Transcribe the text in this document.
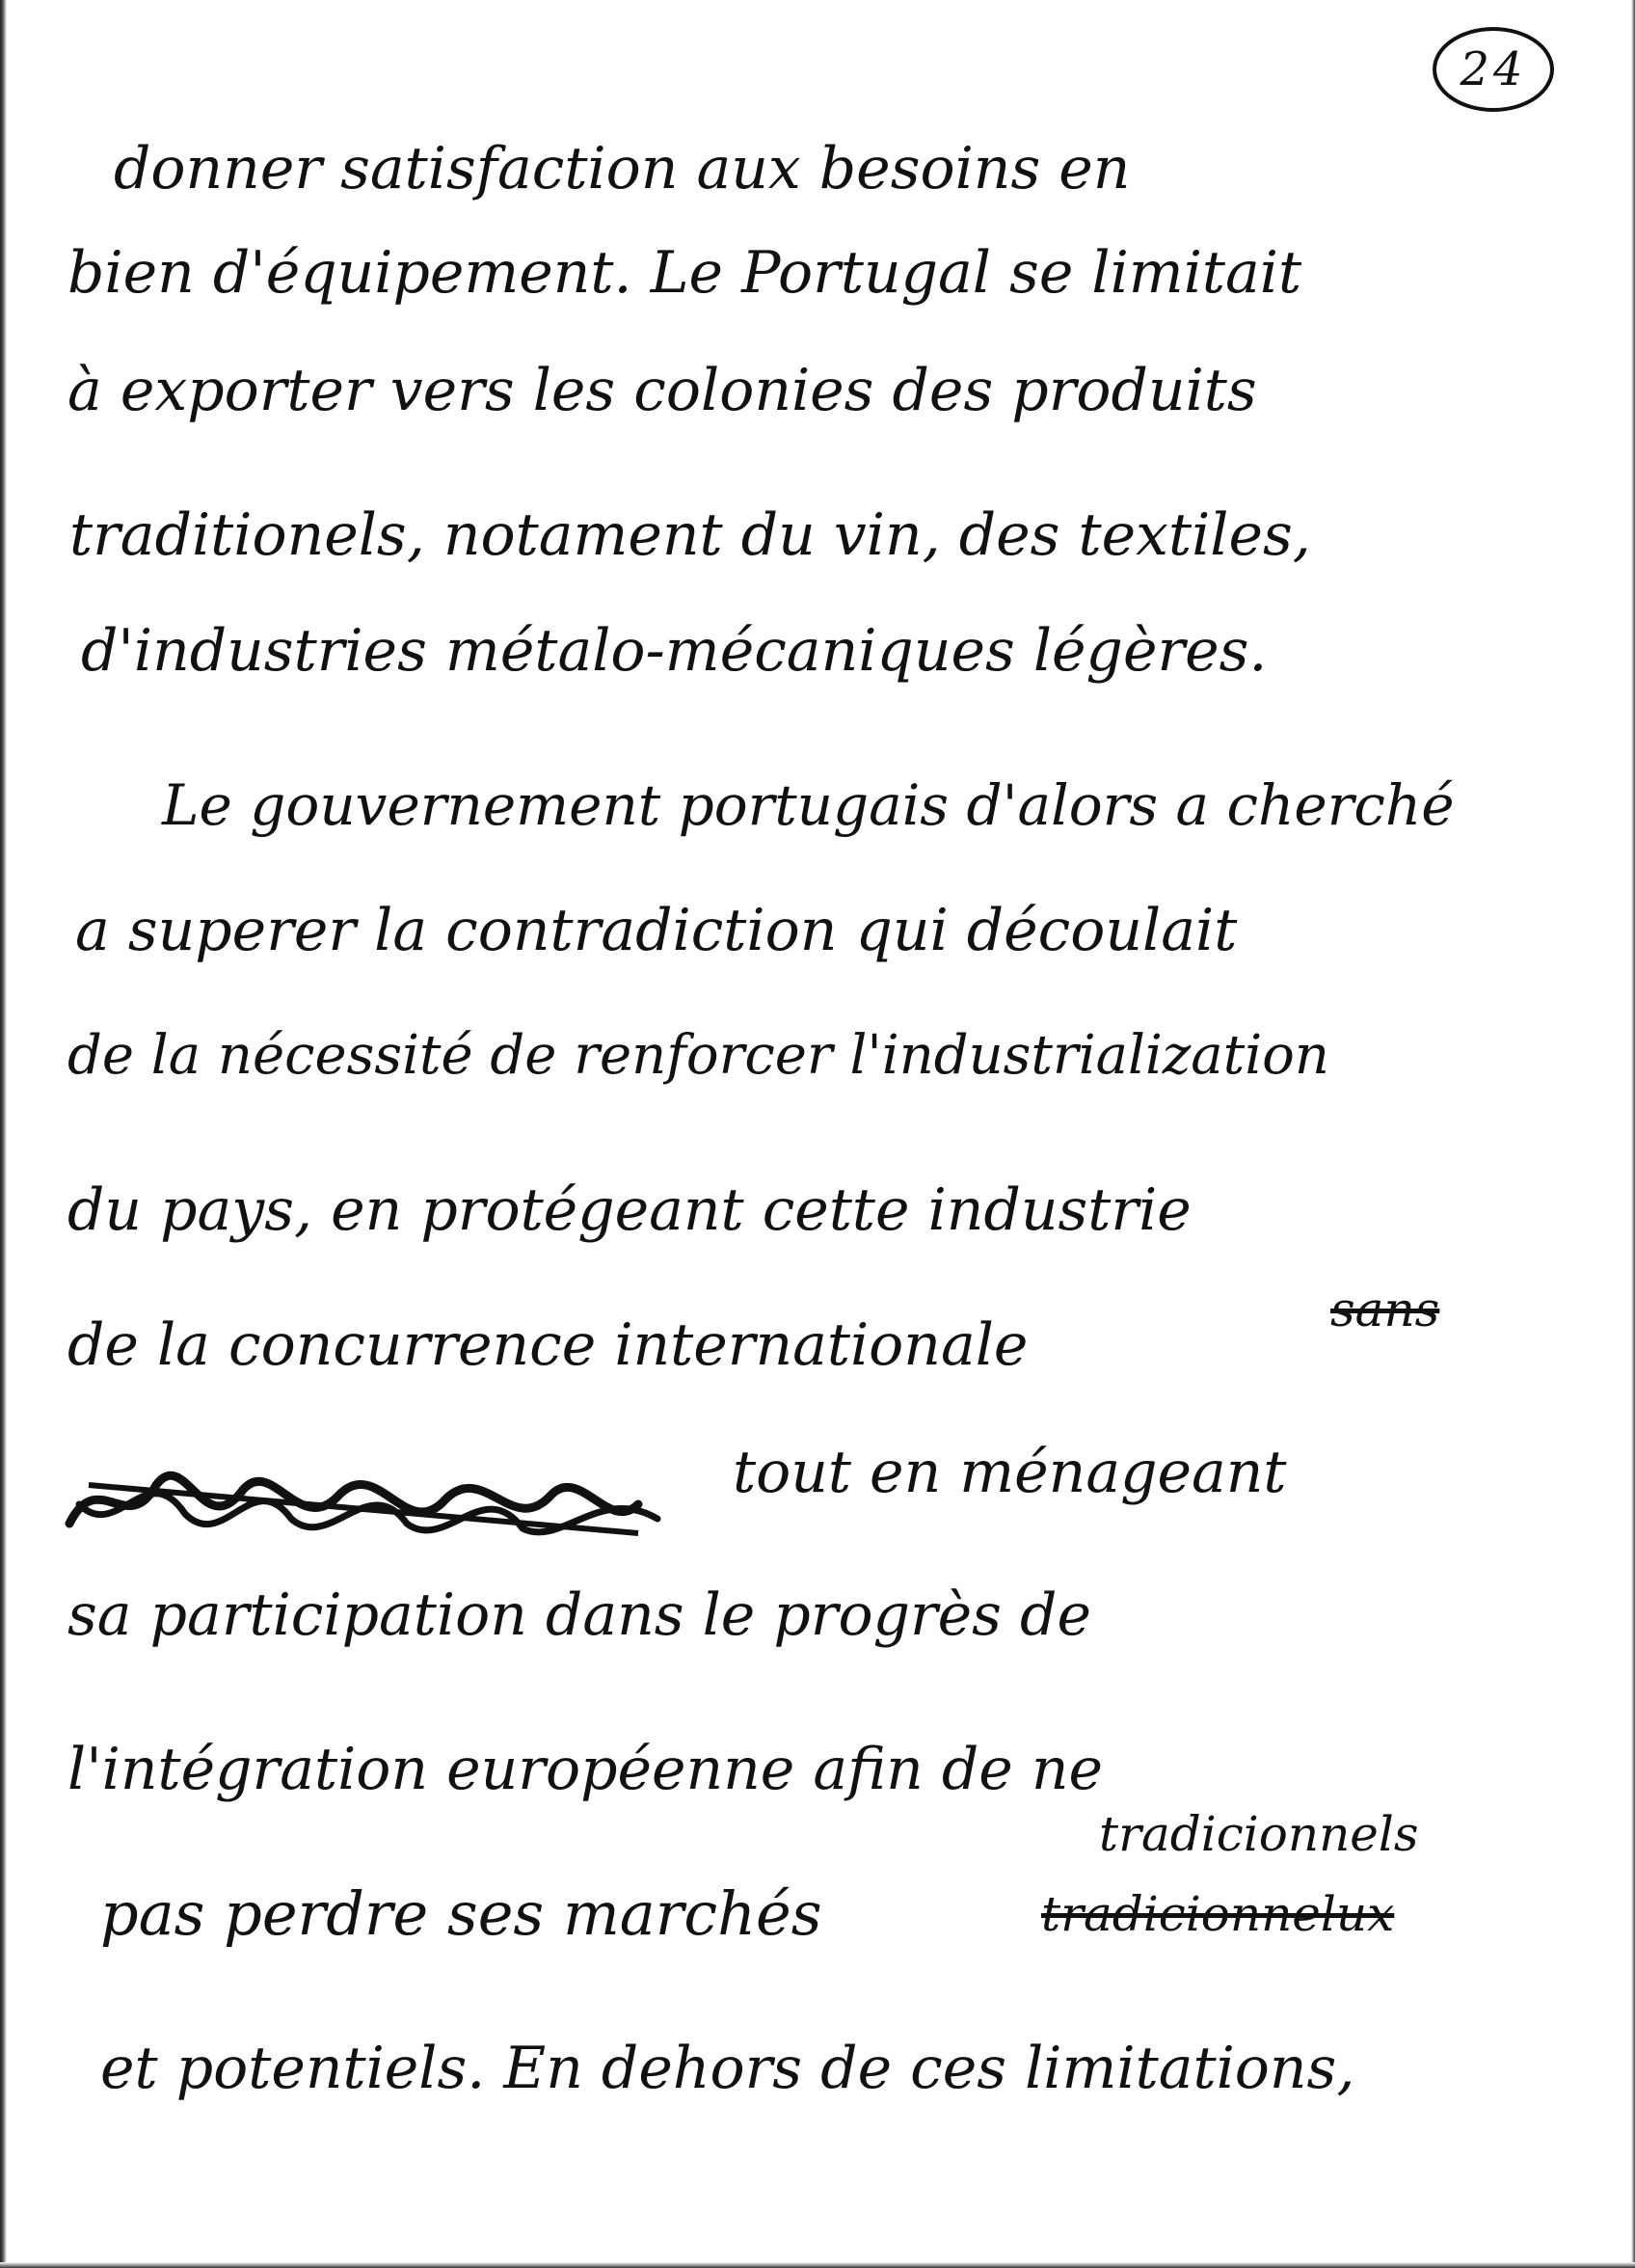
24
donner satisfaction aux besoins en
bien d'équipement. Le Portugal se limitait
à exporter vers les colonies des produits
traditionels, notament du vin, des textiles,
d'industries métalo-mécaniques légères.
Le gouvernement portugais d'alors a cherché
a superer la contradiction qui découlait
de la nécessité de renforcer l'industrialization
du pays, en protégeant cette industrie
de la concurrence internationale
sans
tout en ménageant
sa participation dans le progrès de
l'intégration européenne afin de ne
tradicionnels
pas perdre ses marchés	tradicionnelux
et potentiels. En dehors de ces limitations,
